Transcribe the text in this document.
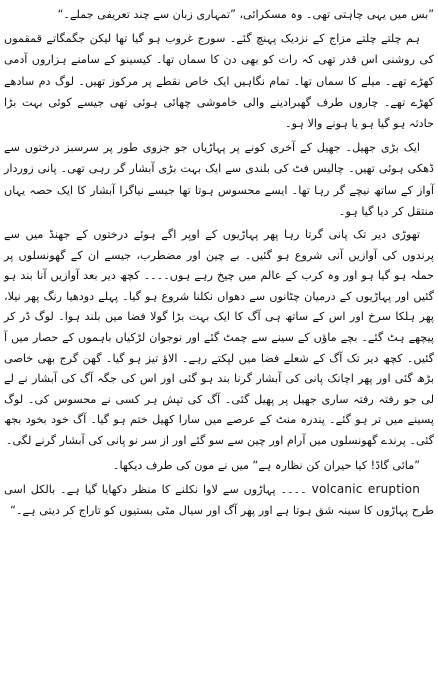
”بس میں یہی چاہتی تھی۔ وہ مسکرائی، ”تمہاری زبان سے چند تعریفی جملے۔“

ہم چلتے چلتے مزاج کے نزدیک پہنچ گئے۔ سورج غروب ہو گیا تھا لیکن جگمگاتے قمقموں کی روشنی اس قدر تھی کہ رات کو بھی دن کا سماں تھا۔ کیسینو کے سامنے ہزاروں آدمی کھڑے تھے۔ میلے کا سماں تھا۔ تمام نگاہیں ایک خاص نقطے پر مرکوز تھیں۔ لوگ دم سادھے کھڑے تھے۔ چاروں طرف گھبرادینے والی خاموشی چھائی ہوئی تھی جیسے کوئی بہت بڑا حادثہ ہو گیا ہو یا ہونے والا ہو۔

ایک بڑی جھیل۔ جھیل کے آخری کونے پر پہاڑیاں جو جزوی طور پر سرسبز درختوں سے ڈھکی ہوئی تھیں۔ چالیس فٹ کی بلندی سے ایک بہت بڑی آبشار گر رہی تھی۔ پانی زوردار آواز کے ساتھ نیچے گر رہا تھا۔ ایسے محسوس ہوتا تھا جیسے نیاگرا آبشار کا ایک حصہ یہاں منتقل کر دیا گیا ہو۔

تھوڑی دیر تک پانی گرتا رہا پھر پہاڑیوں کے اوپر اگے ہوئے درختوں کے جھنڈ میں سے پرندوں کی آوازیں آنی شروع ہو گئیں۔ بے چین اور مضطرب، جیسے ان کے گھونسلوں پر حملہ ہو گیا ہو اور وہ کرب کے عالم میں چیخ رہے ہوں۔۔۔۔ کچھ دیر بعد آوازیں آنا بند ہو گئیں اور پہاڑیوں کے درمیان چٹانوں سے دھواں نکلنا شروع ہو گیا۔ پہلے دودھیا رنگ پھر نیلا، پھر ہلکا سرخ اور اس کے ساتھ ہی آگ کا ایک بہت بڑا گولا فضا میں بلند ہوا۔ لوگ ڈر کر پیچھے ہٹ گئے۔ بچے ماؤں کے سینے سے چمٹ گئے اور نوجوان لڑکیاں باہموں کے حصار میں آ گئیں۔ کچھ دیر تک آگ کے شعلے فضا میں لپکتے رہے۔ الاؤ تیز ہو گیا۔ گھن گرج بھی خاصی بڑھ گئی اور پھر اچانک پانی کی آبشار گرنا بند ہو گئی اور اس کی جگہ آگ کی آبشار نے لے لی جو رفتہ رفتہ ساری جھیل پر پھیل گئی۔ آگ کی تپش ہر کسی نے محسوس کی۔ لوگ پسینے میں تر ہو گئے۔ پندرہ منٹ کے عرصے میں سارا کھیل ختم ہو گیا۔ آگ خود بخود بجھ گئی۔ پرندے گھونسلوں میں آرام اور چین سے سو گئے اور از سر نو پانی کی آبشار گرنے لگی۔

”مائی گاڈ! کیا حیران کن نظارہ ہے“ میں نے مون کی طرف دیکھا۔

volcanic eruption ۔۔۔۔ پہاڑوں سے لاوا نکلنے کا منظر دکھایا گیا ہے۔ بالکل اسی طرح پہاڑوں کا سینہ شق ہوتا ہے اور پھر آگ اور سیال مٹی بستیوں کو تاراج کر دیتی ہے۔“
